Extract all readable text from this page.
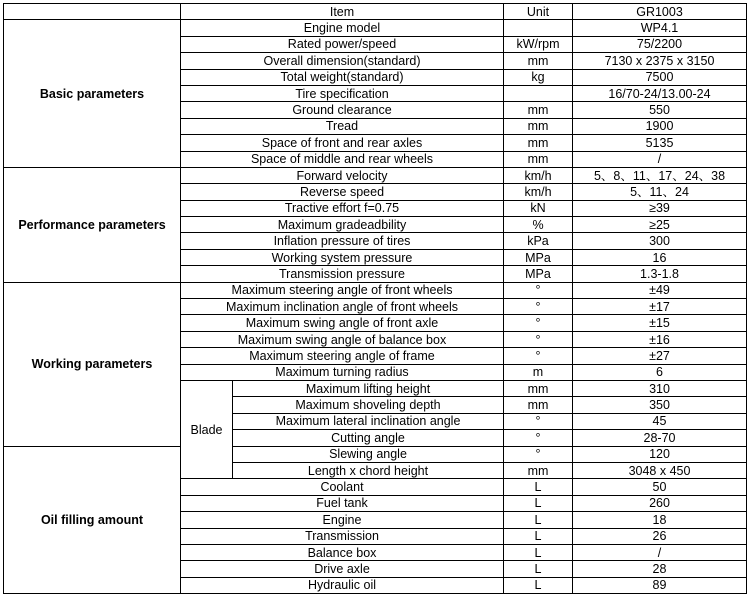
	Item		Unit	GR1003
Basic parameters	Engine model			WP4.1
	Rated power/speed		kW/rpm	75/2200
	Overall dimension(standard)		mm	7130 x 2375 x 3150
	Total weight(standard)		kg	7500
	Tire specification			16/70-24/13.00-24
	Ground clearance		mm	550
	Tread		mm	1900
	Space of front and rear axles		mm	5135
	Space of middle and rear wheels		mm	/
Performance parameters	Forward velocity		km/h	5、8、11、17、24、38
	Reverse speed		km/h	5、11、24
	Tractive effort f=0.75		kN	≥39
	Maximum gradeadbility		%	≥25
	Inflation pressure of tires		kPa	300
	Working system pressure		MPa	16
	Transmission pressure		MPa	1.3-1.8
Working parameters	Maximum steering angle of front wheels		°	±49
	Maximum inclination angle of front wheels		°	±17
	Maximum swing angle of front axle		°	±15
	Maximum swing angle of balance box		°	±16
	Maximum steering angle of frame		°	±27
	Maximum turning radius		m	6
	Blade	Maximum lifting height	mm	310
		Maximum shoveling depth	mm	350
		Maximum lateral inclination angle	°	45
		Cutting angle	°	28-70
Oil filling amount		Slewing angle	°	120
		Length x chord height	mm	3048 x 450
	Coolant		L	50
	Fuel tank		L	260
	Engine		L	18
	Transmission		L	26
	Balance box		L	/
	Drive axle		L	28
	Hydraulic oil		L	89
